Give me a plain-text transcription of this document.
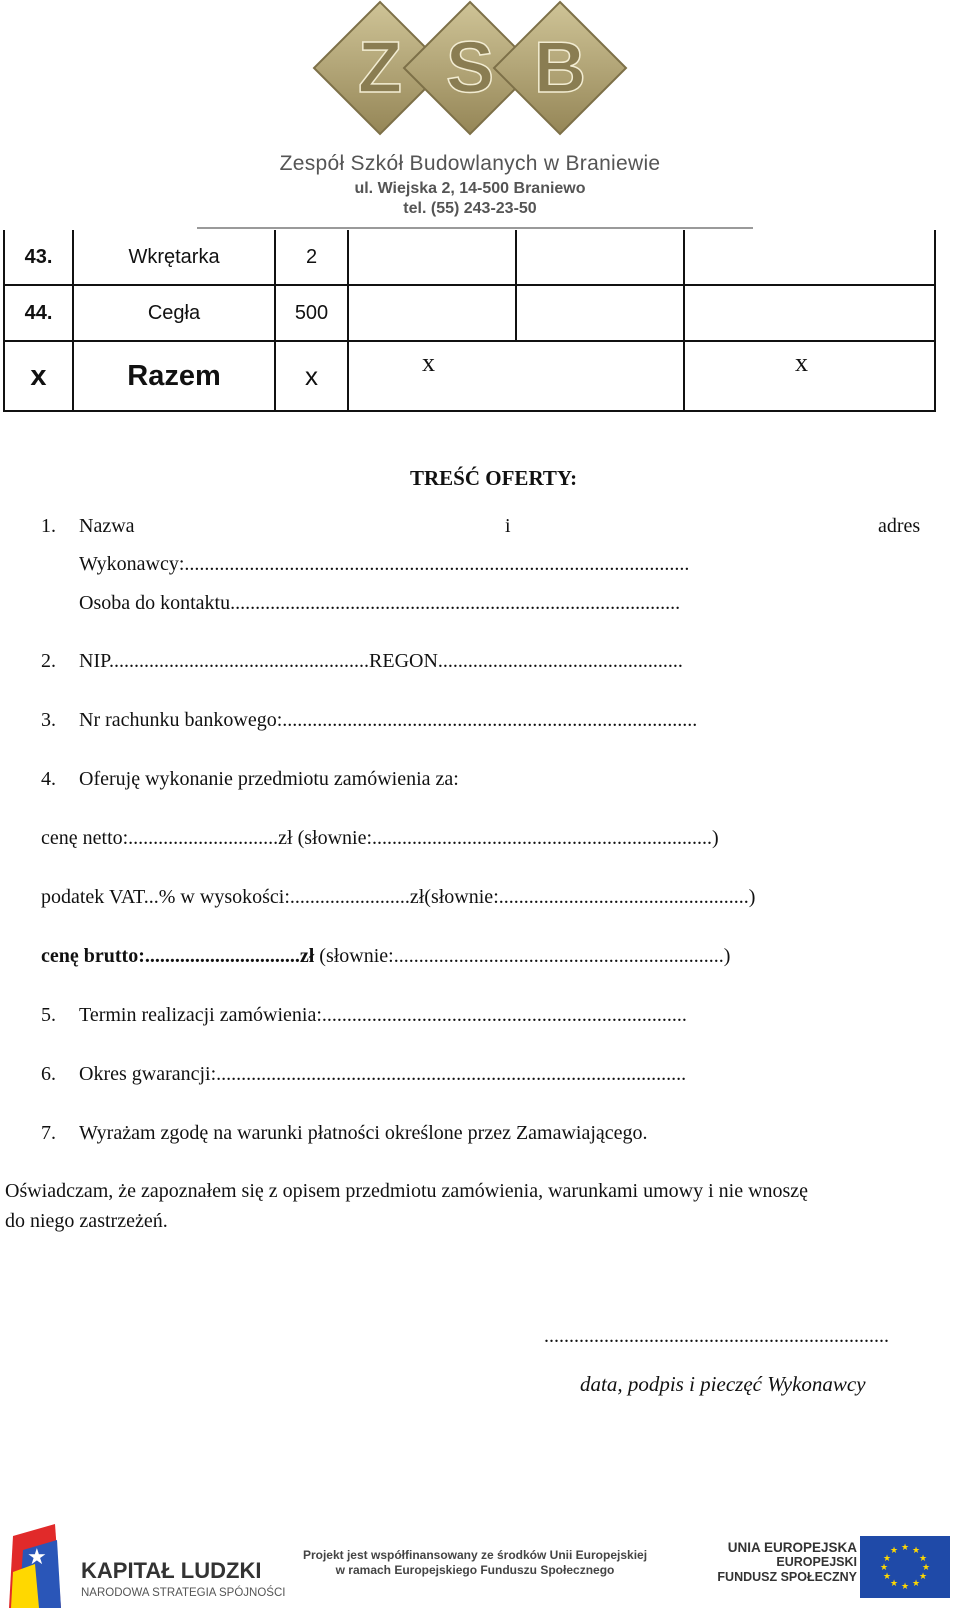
Z S B
Zespół Szkół Budowlanych w Braniewie
ul. Wiejska 2, 14-500 Braniewo
tel. (55) 243-23-50
43.	Wkrętarka	2			
44.	Cegła	500			
x	Razem	x	x		x
TREŚĆ OFERTY:
1. Nazwa	i	adres
Wykonawcy:.....................................................................................................
Osoba do kontaktu..........................................................................................
2. NIP....................................................REGON.................................................
3. Nr rachunku bankowego:...................................................................................
4. Oferuję wykonanie przedmiotu zamówienia za:
cenę netto:..............................zł (słownie:....................................................................)
podatek VAT...% w wysokości:........................zł(słownie:..................................................)
cenę brutto:...............................zł (słownie:..................................................................)
5. Termin realizacji zamówienia:.........................................................................
6. Okres gwarancji:..............................................................................................
7. Wyrażam zgodę na warunki płatności określone przez Zamawiającego.
Oświadczam, że zapoznałem się z opisem przedmiotu zamówienia, warunkami umowy i nie wnoszę
do niego zastrzeżeń.
.....................................................................
data, podpis i pieczęć Wykonawcy
★
KAPITAŁ LUDZKI
NARODOWA STRATEGIA SPÓJNOŚCI
Projekt jest współfinansowany ze środków Unii Europejskiej
w ramach Europejskiego Funduszu Społecznego
UNIA EUROPEJSKA
EUROPEJSKI
FUNDUSZ SPOŁECZNY
★ ★
★
★
★
★
★
★
★
★
★
★
